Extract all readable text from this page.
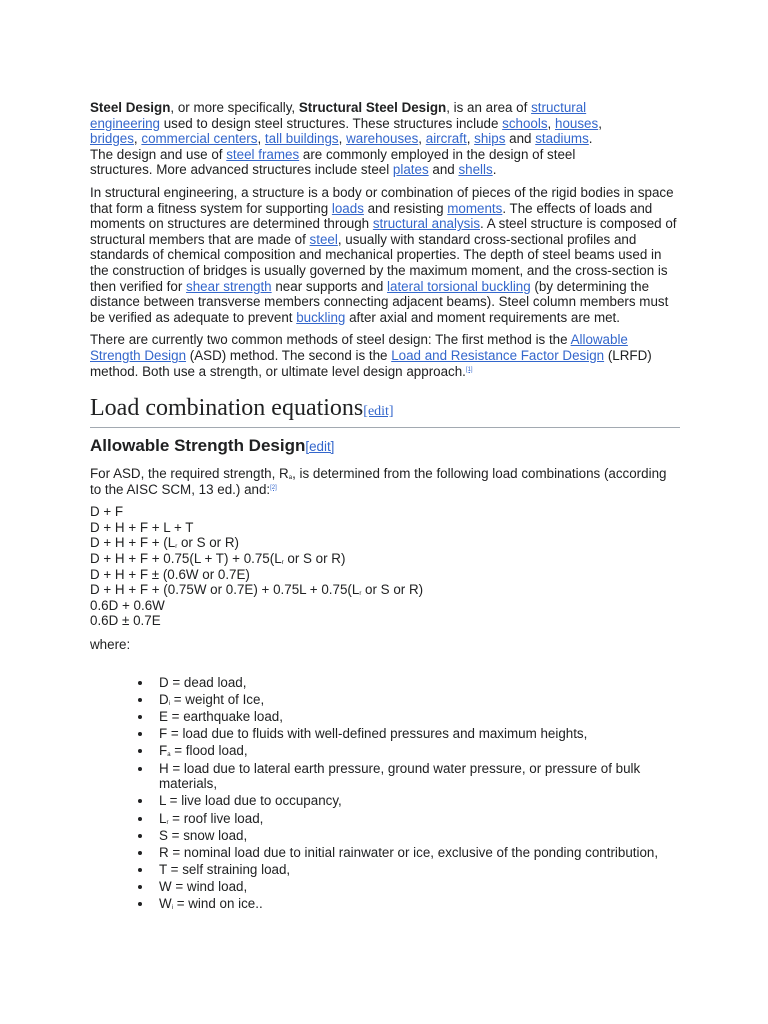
Steel Design, or more specifically, Structural Steel Design, is an area of structural engineering used to design steel structures. These structures include schools, houses, bridges, commercial centers, tall buildings, warehouses, aircraft, ships and stadiums. The design and use of steel frames are commonly employed in the design of steel structures. More advanced structures include steel plates and shells.

In structural engineering, a structure is a body or combination of pieces of the rigid bodies in space that form a fitness system for supporting loads and resisting moments. The effects of loads and moments on structures are determined through structural analysis. A steel structure is composed of structural members that are made of steel, usually with standard cross-sectional profiles and standards of chemical composition and mechanical properties. The depth of steel beams used in the construction of bridges is usually governed by the maximum moment, and the cross-section is then verified for shear strength near supports and lateral torsional buckling (by determining the distance between transverse members connecting adjacent beams). Steel column members must be verified as adequate to prevent buckling after axial and moment requirements are met.

There are currently two common methods of steel design: The first method is the Allowable Strength Design (ASD) method. The second is the Load and Resistance Factor Design (LRFD) method. Both use a strength, or ultimate level design approach.[1]

Load combination equations[edit]
Allowable Strength Design[edit]

For ASD, the required strength, $R_a$, is determined from the following load combinations (according to the AISC SCM, 13 ed.) and:[2]

D + F
D + H + F + L + T
$D + H + F + (L_r$ or S or R)
$D + H + F + 0.75(L + T) + 0.75(L_r$ or S or R)
D + H + F ± (0.6W or 0.7E)
D + H + F + (0.75W or $0.7E) + 0.75L + 0.75(L_r$ or S or R)
0.6D + 0.6W
0.6D ± 0.7E
where:
D = dead load,
$D_i$ = weight of Ice,
E = earthquake load,
F = load due to fluids with well-defined pressures and maximum heights,
$F_a$ = flood load,
H = load due to lateral earth pressure, ground water pressure, or pressure of bulk materials,
L = live load due to occupancy,
$L_r$ = roof live load,
S = snow load,
R = nominal load due to initial rainwater or ice, exclusive of the ponding contribution,
T = self straining load,
W = wind load,
$W_i$ = wind on ice..
